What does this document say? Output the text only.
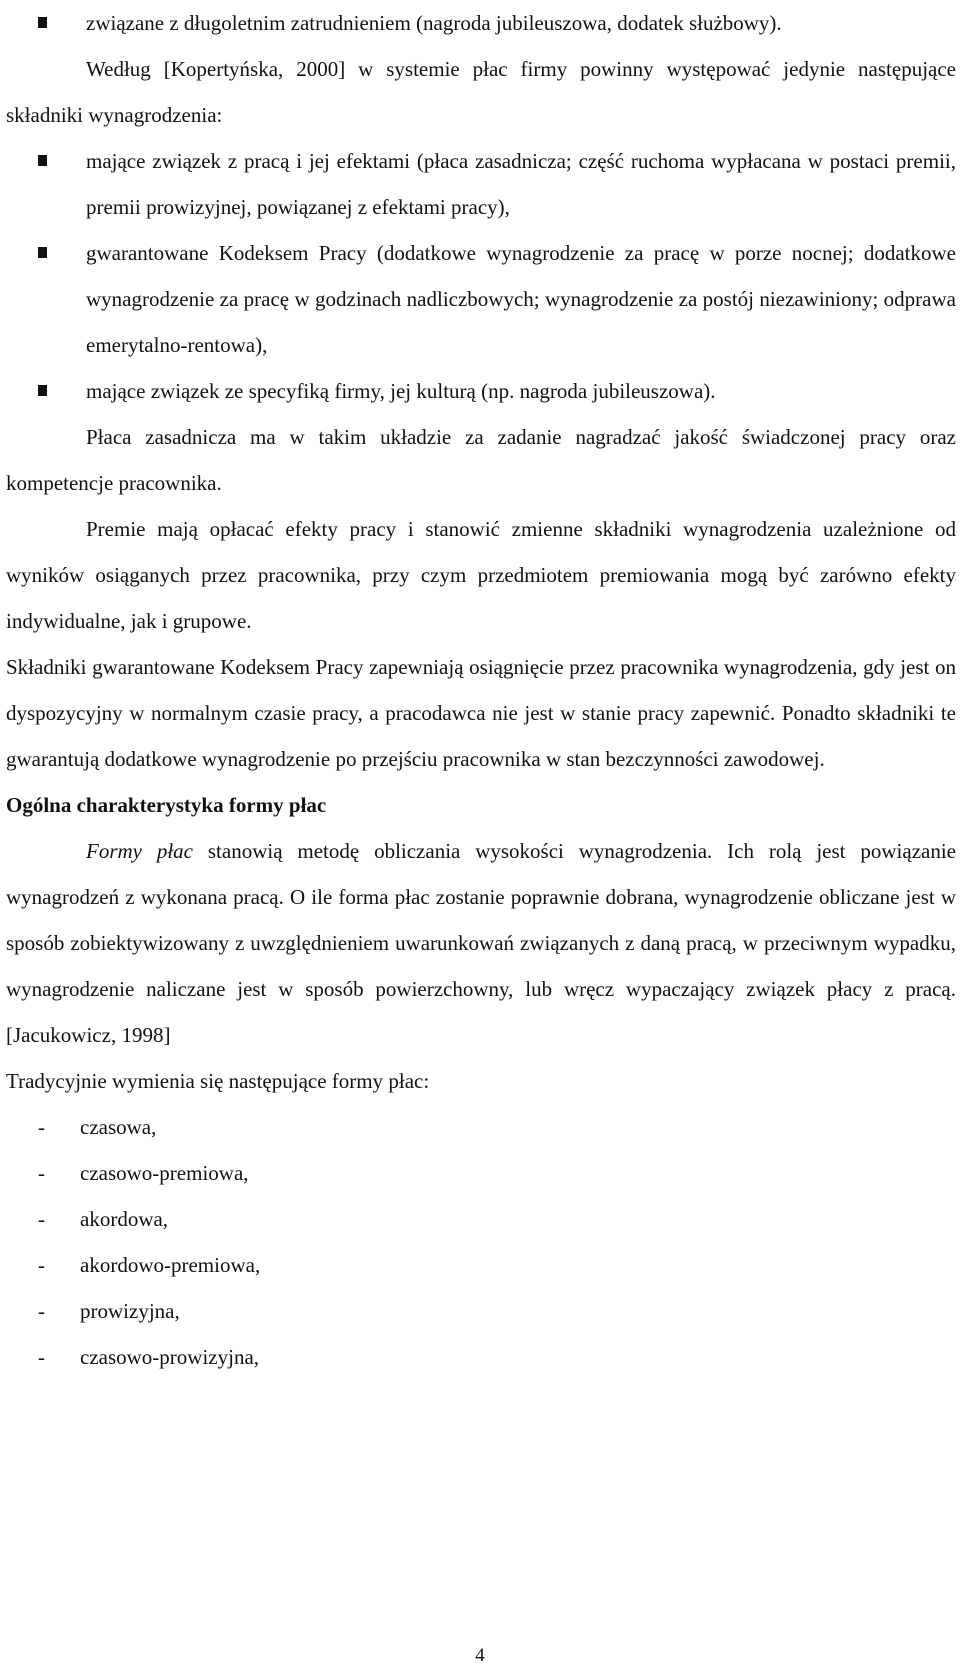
związane z długoletnim zatrudnieniem (nagroda jubileuszowa, dodatek służbowy).

Według [Kopertyńska, 2000] w systemie płac firmy powinny występować jedynie następujące składniki wynagrodzenia:

mające związek z pracą i jej efektami (płaca zasadnicza; część ruchoma wypłacana w postaci premii, premii prowizyjnej, powiązanej z efektami pracy),
gwarantowane Kodeksem Pracy (dodatkowe wynagrodzenie za pracę w porze nocnej; dodatkowe wynagrodzenie za pracę w godzinach nadliczbowych; wynagrodzenie za postój niezawiniony; odprawa emerytalno-rentowa),
mające związek ze specyfiką firmy, jej kulturą (np. nagroda jubileuszowa).

Płaca zasadnicza ma w takim układzie za zadanie nagradzać jakość świadczonej pracy oraz kompetencje pracownika.

Premie mają opłacać efekty pracy i stanowić zmienne składniki wynagrodzenia uzależnione od wyników osiąganych przez pracownika, przy czym przedmiotem premiowania mogą być zarówno efekty indywidualne, jak i grupowe.

Składniki gwarantowane Kodeksem Pracy zapewniają osiągnięcie przez pracownika wynagrodzenia, gdy jest on dyspozycyjny w normalnym czasie pracy, a pracodawca nie jest w stanie pracy zapewnić. Ponadto składniki te gwarantują dodatkowe wynagrodzenie po przejściu pracownika w stan bezczynności zawodowej.

Ogólna charakterystyka formy płac

Formy płac stanowią metodę obliczania wysokości wynagrodzenia. Ich rolą jest powiązanie wynagrodzeń z wykonana pracą. O ile forma płac zostanie poprawnie dobrana, wynagrodzenie obliczane jest w sposób zobiektywizowany z uwzględnieniem uwarunkowań związanych z daną pracą, w przeciwnym wypadku, wynagrodzenie naliczane jest w sposób powierzchowny, lub wręcz wypaczający związek płacy z pracą. [Jacukowicz, 1998]

Tradycyjnie wymienia się następujące formy płac:

- czasowa,
- czasowo-premiowa,
- akordowa,
- akordowo-premiowa,
- prowizyjna,
- czasowo-prowizyjna,
4
